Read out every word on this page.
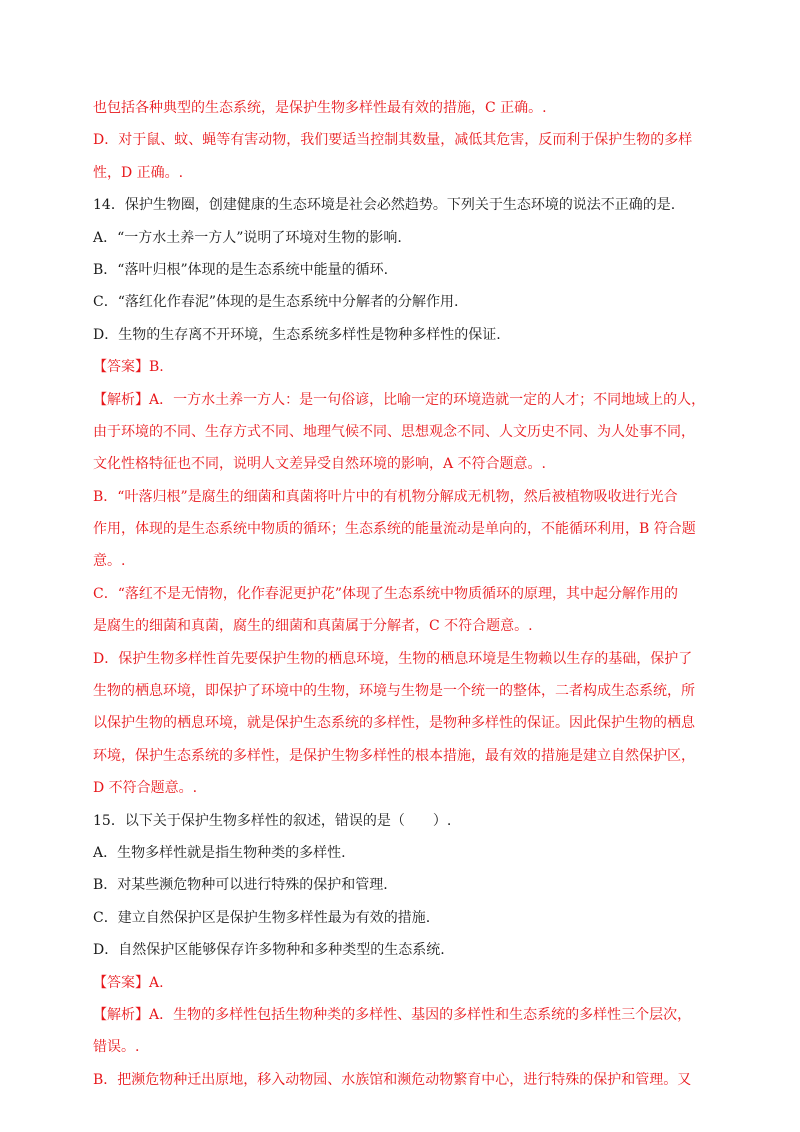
也包括各种典型的生态系统，是保护生物多样性最有效的措施，C 正确。.
D．对于鼠、蚊、蝇等有害动物，我们要适当控制其数量，减低其危害，反而利于保护生物的多样
性，D 正确。.
14．保护生物圈，创建健康的生态环境是社会必然趋势。下列关于生态环境的说法不正确的是.
A．“一方水土养一方人”说明了环境对生物的影响.
B．“落叶归根”体现的是生态系统中能量的循环.
C．“落红化作春泥”体现的是生态系统中分解者的分解作用.
D．生物的生存离不开环境，生态系统多样性是物种多样性的保证.
【答案】B.
【解析】A．一方水土养一方人：是一句俗谚，比喻一定的环境造就一定的人才；不同地域上的人，
由于环境的不同、生存方式不同、地理气候不同、思想观念不同、人文历史不同、为人处事不同，
文化性格特征也不同，说明人文差异受自然环境的影响，A 不符合题意。.
B．“叶落归根”是腐生的细菌和真菌将叶片中的有机物分解成无机物，然后被植物吸收进行光合
作用，体现的是生态系统中物质的循环；生态系统的能量流动是单向的，不能循环利用，B 符合题
意。.
C．“落红不是无情物，化作春泥更护花”体现了生态系统中物质循环的原理，其中起分解作用的
是腐生的细菌和真菌，腐生的细菌和真菌属于分解者，C 不符合题意。.
D．保护生物多样性首先要保护生物的栖息环境，生物的栖息环境是生物赖以生存的基础，保护了
生物的栖息环境，即保护了环境中的生物，环境与生物是一个统一的整体，二者构成生态系统，所
以保护生物的栖息环境，就是保护生态系统的多样性，是物种多样性的保证。因此保护生物的栖息
环境，保护生态系统的多样性，是保护生物多样性的根本措施，最有效的措施是建立自然保护区，
D 不符合题意。.
15．以下关于保护生物多样性的叙述，错误的是（　　）.
A．生物多样性就是指生物种类的多样性.
B．对某些濒危物种可以进行特殊的保护和管理.
C．建立自然保护区是保护生物多样性最为有效的措施.
D．自然保护区能够保存许多物种和多种类型的生态系统.
【答案】A.
【解析】A．生物的多样性包括生物种类的多样性、基因的多样性和生态系统的多样性三个层次，
错误。.
B．把濒危物种迁出原地，移入动物园、水族馆和濒危动物繁育中心，进行特殊的保护和管理。又
